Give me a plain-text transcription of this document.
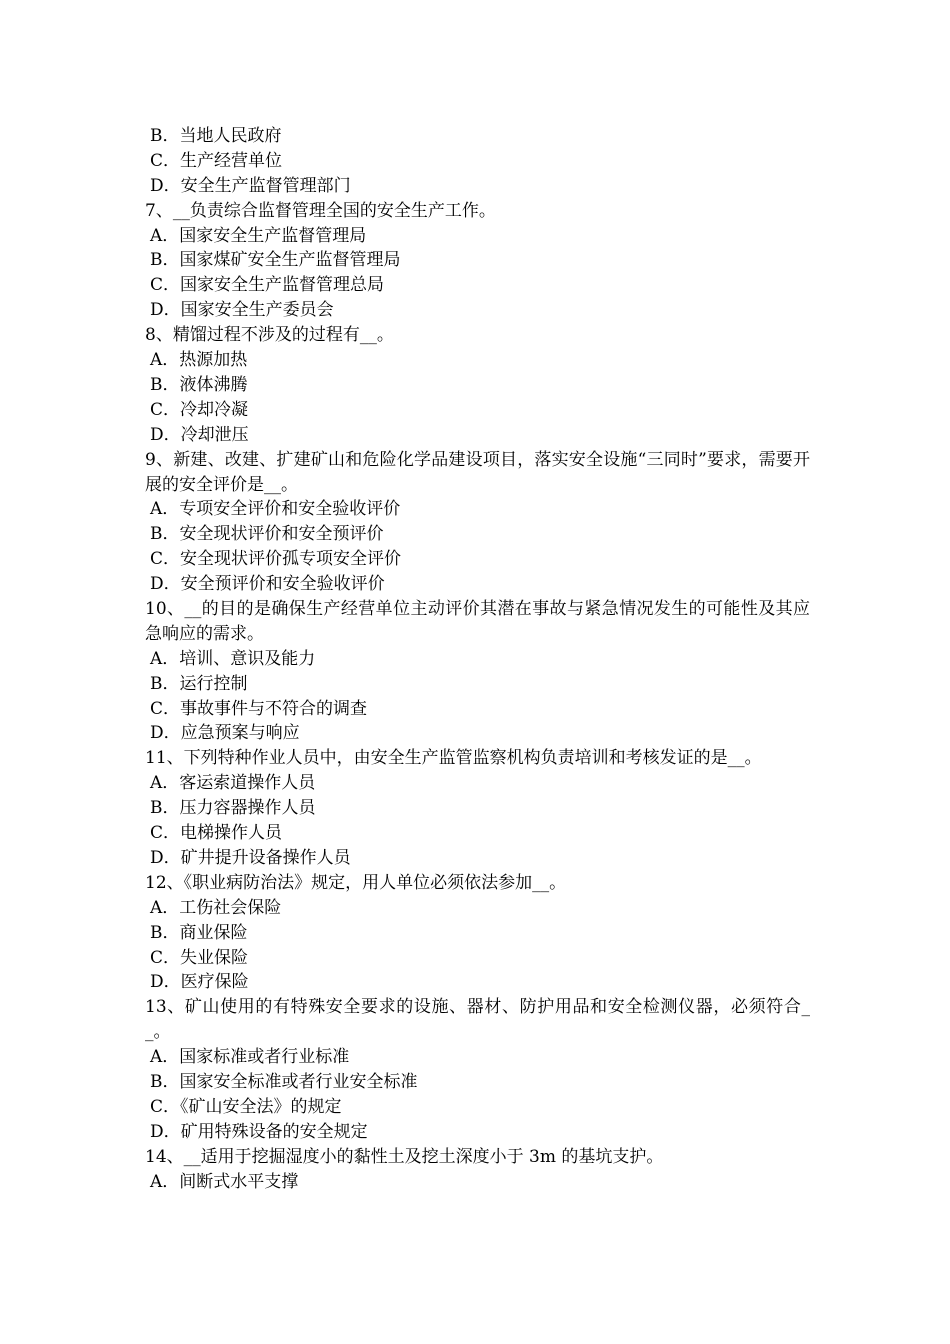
B．当地人民政府
C．生产经营单位
D．安全生产监督管理部门
7、__负责综合监督管理全国的安全生产工作。
A．国家安全生产监督管理局
B．国家煤矿安全生产监督管理局
C．国家安全生产监督管理总局
D．国家安全生产委员会
8、精馏过程不涉及的过程有__。
A．热源加热
B．液体沸腾
C．冷却冷凝
D．冷却泄压
9、新建、改建、扩建矿山和危险化学品建设项目，落实安全设施“三同时”要求，需要开展的安全评价是__。
A．专项安全评价和安全验收评价
B．安全现状评价和安全预评价
C．安全现状评价孤专项安全评价
D．安全预评价和安全验收评价
10、__的目的是确保生产经营单位主动评价其潜在事故与紧急情况发生的可能性及其应急响应的需求。
A．培训、意识及能力
B．运行控制
C．事故事件与不符合的调查
D．应急预案与响应
11、下列特种作业人员中，由安全生产监管监察机构负责培训和考核发证的是__。
A．客运索道操作人员
B．压力容器操作人员
C．电梯操作人员
D．矿井提升设备操作人员
12、《职业病防治法》规定，用人单位必须依法参加__。
A．工伤社会保险
B．商业保险
C．失业保险
D．医疗保险
13、矿山使用的有特殊安全要求的设施、器材、防护用品和安全检测仪器，必须符合__。
A．国家标准或者行业标准
B．国家安全标准或者行业安全标准
C．《矿山安全法》的规定
D．矿用特殊设备的安全规定
14、__适用于挖掘湿度小的黏性土及挖土深度小于 3m 的基坑支护。
A．间断式水平支撑
